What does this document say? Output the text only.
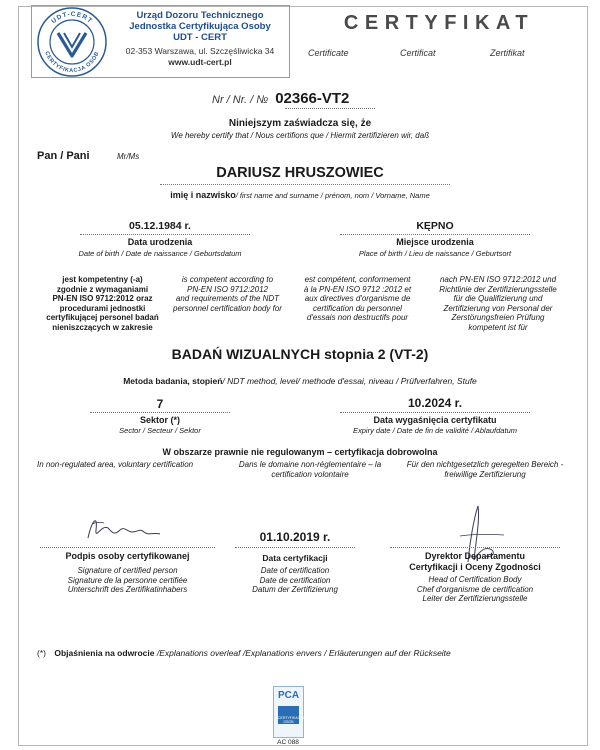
UDT-CERT
CERTYFIKACJA OSÓB
Urząd Dozoru Technicznego
Jednostka Certyfikująca Osoby
UDT - CERT
02-353 Warszawa, ul. Szczęśliwicka 34
www.udt-cert.pl
CERTYFIKAT
Certificate	Certificat	Zertifikat
Nr / Nr. / № 02366-VT2
Niniejszym zaświadcza się, że
We hereby certify that / Nous certifions que / Hiermit zertifizieren wir, daß
Pan / Pani	Mr/Ms
DARIUSZ HRUSZOWIEC
imię i nazwisko/ first name and surname / prénom, nom / Vorname, Name
05.12.1984 r.
Data urodzenia
Date of birth / Date de naissance / Geburtsdatum
KĘPNO
Miejsce urodzenia
Place of birth / Lieu de naissance / Geburtsort
jest kompetentny (-a)
zgodnie z wymaganiami
PN-EN ISO 9712:2012 oraz
procedurami jednostki
certyfikującej personel badań
nieniszczących w zakresie
is competent according to
PN-EN ISO 9712:2012
and requirements of the NDT
personnel certification body for
est compétent, conformement
à la PN-EN ISO 9712 :2012 et
aux directives d'organisme de
certification du personnel
d'essais non destructifs pour
nach PN-EN ISO 9712:2012 und
Richtlinie der Zertifizierungsstelle
für die Qualifizierung und
Zertifizierung von Personal der
Zerstörungsfreien Prüfung
kompetent ist für
BADAŃ WIZUALNYCH stopnia 2 (VT-2)
Metoda badania, stopień/ NDT method, level/ methode d'essai, niveau / Prüfverfahren, Stufe
7
Sektor (*)
Sector / Secteur / Sektor
10.2024 r.
Data wygaśnięcia certyfikatu
Expiry date / Date de fin de validité / Ablaufdatum
W obszarze prawnie nie regulowanym – certyfikacja dobrowolna
In non-regulated area, voluntary certification	Dans le domaine non-réglementaire – la
certification volontaire
Für den nichtgesetzlich geregelten Bereich -
freiwillige Zertifizierung
Podpis osoby certyfikowanej
Signature of certified person
Signature de la personne certifiée
Unterschrift des Zertifikatinhabers
01.10.2019 r.
Data certyfikacji
Date of certification
Date de certification
Datum der Zertifizierung
Dyrektor Departamentu
Certyfikacji i Oceny Zgodności
Head of Certification Body
Chef d'organisme de certification
Leiter der Zertifizierungsstelle
(*) Objaśnienia na odwrocie /Explanations overleaf /Explanations envers / Erläuterungen auf der Rückseite
PCA
CERTYFIKACJA OSÓB
AC 088
